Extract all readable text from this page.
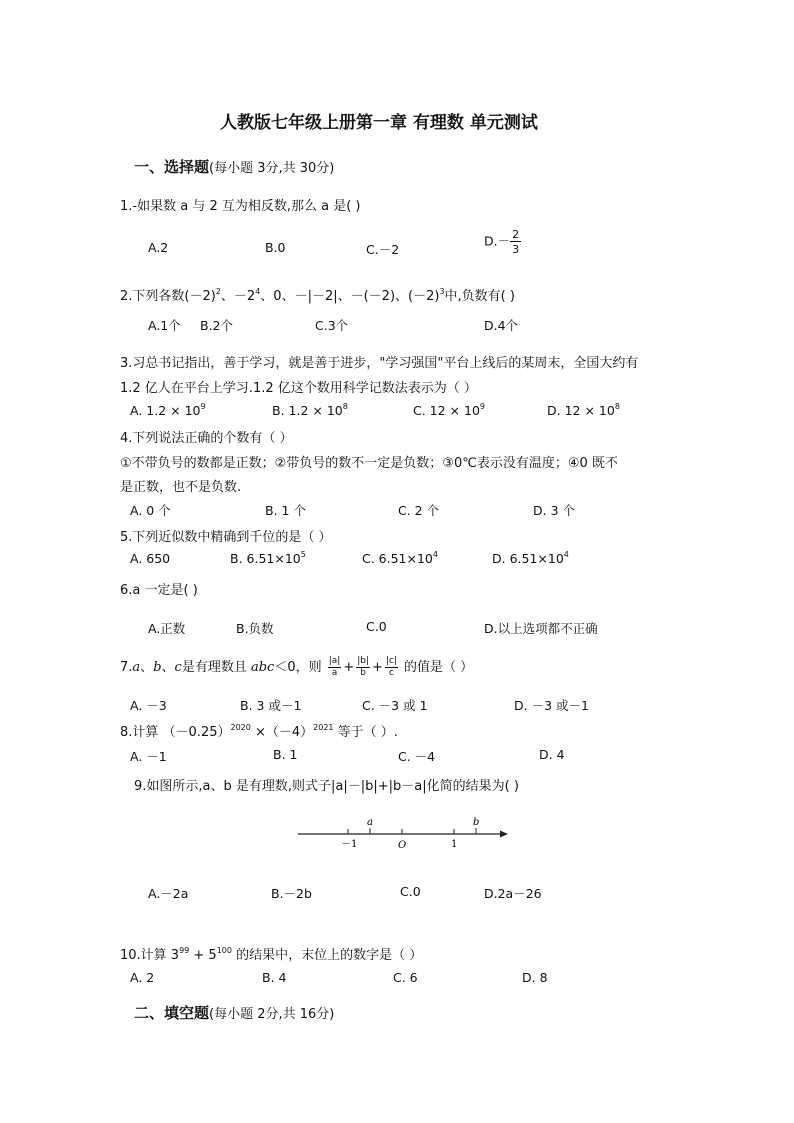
人教版七年级上册第一章 有理数 单元测试
一、选择题(每小题 3分,共 30分)
1.-如果数 a 与 2 互为相反数,那么 a 是( )
A.2	B.0	C.－2
$D.- \frac{2}{3}$
2.下列各数$(-2)^2$、$-2^4$、0、－|－2|、－(－2)、$(-2)^3$中,负数有( )
A.1个 B.2个	C.3个	D.4个
3.习总书记指出，善于学习，就是善于进步，"学习强国"平台上线后的某周末，全国大约有
1.2 亿人在平台上学习.1.2 亿这个数用科学记数法表示为（ ）
A. $1.2 \times 10^9$	B. $1.2 \times 10^8$	C. $12 \times 10^9$	D. $12 \times 10^8$
4.下列说法正确的个数有（ ）
①不带负号的数都是正数；②带负号的数不一定是负数；③0℃表示没有温度；④0 既不
是正数，也不是负数.
A. 0 个	B. 1 个	C. 2 个	D. 3 个
5.下列近似数中精确到千位的是（ ）
A. 650	B. $6.51\times 10^5$	C. $6.51\times 10^4$	D. $6.51\times 10^4$
6.a 一定是( )
A.正数	B.负数	C.0	D.以上选项都不正确
7.a、b、c是有理数且 abc＜0，则 $\frac{|a|}{a} + \frac{|b|}{b} + \frac{|c|}{c}$ 的值是（ ）
A. －3	B. 3 或－1	C. －3 或 1	D. －3 或－1
8.计算 $(-0.25)^{2020} \times(-4)^{2021}$ 等于（ ）.
A. －1	B. 1	C. －4	D. 4
9.如图所示,a、b 是有理数,则式子|a|－|b|+|b－a|化简的结果为( )
a	b
－1	O	1
A.－2a	B.－2b	C.0	D.2a－26
10.计算 $3^{99} + 5^{100}$ 的结果中，末位上的数字是（ ）
A. 2	B. 4	C. 6	D. 8
二、填空题(每小题 2分,共 16分)
